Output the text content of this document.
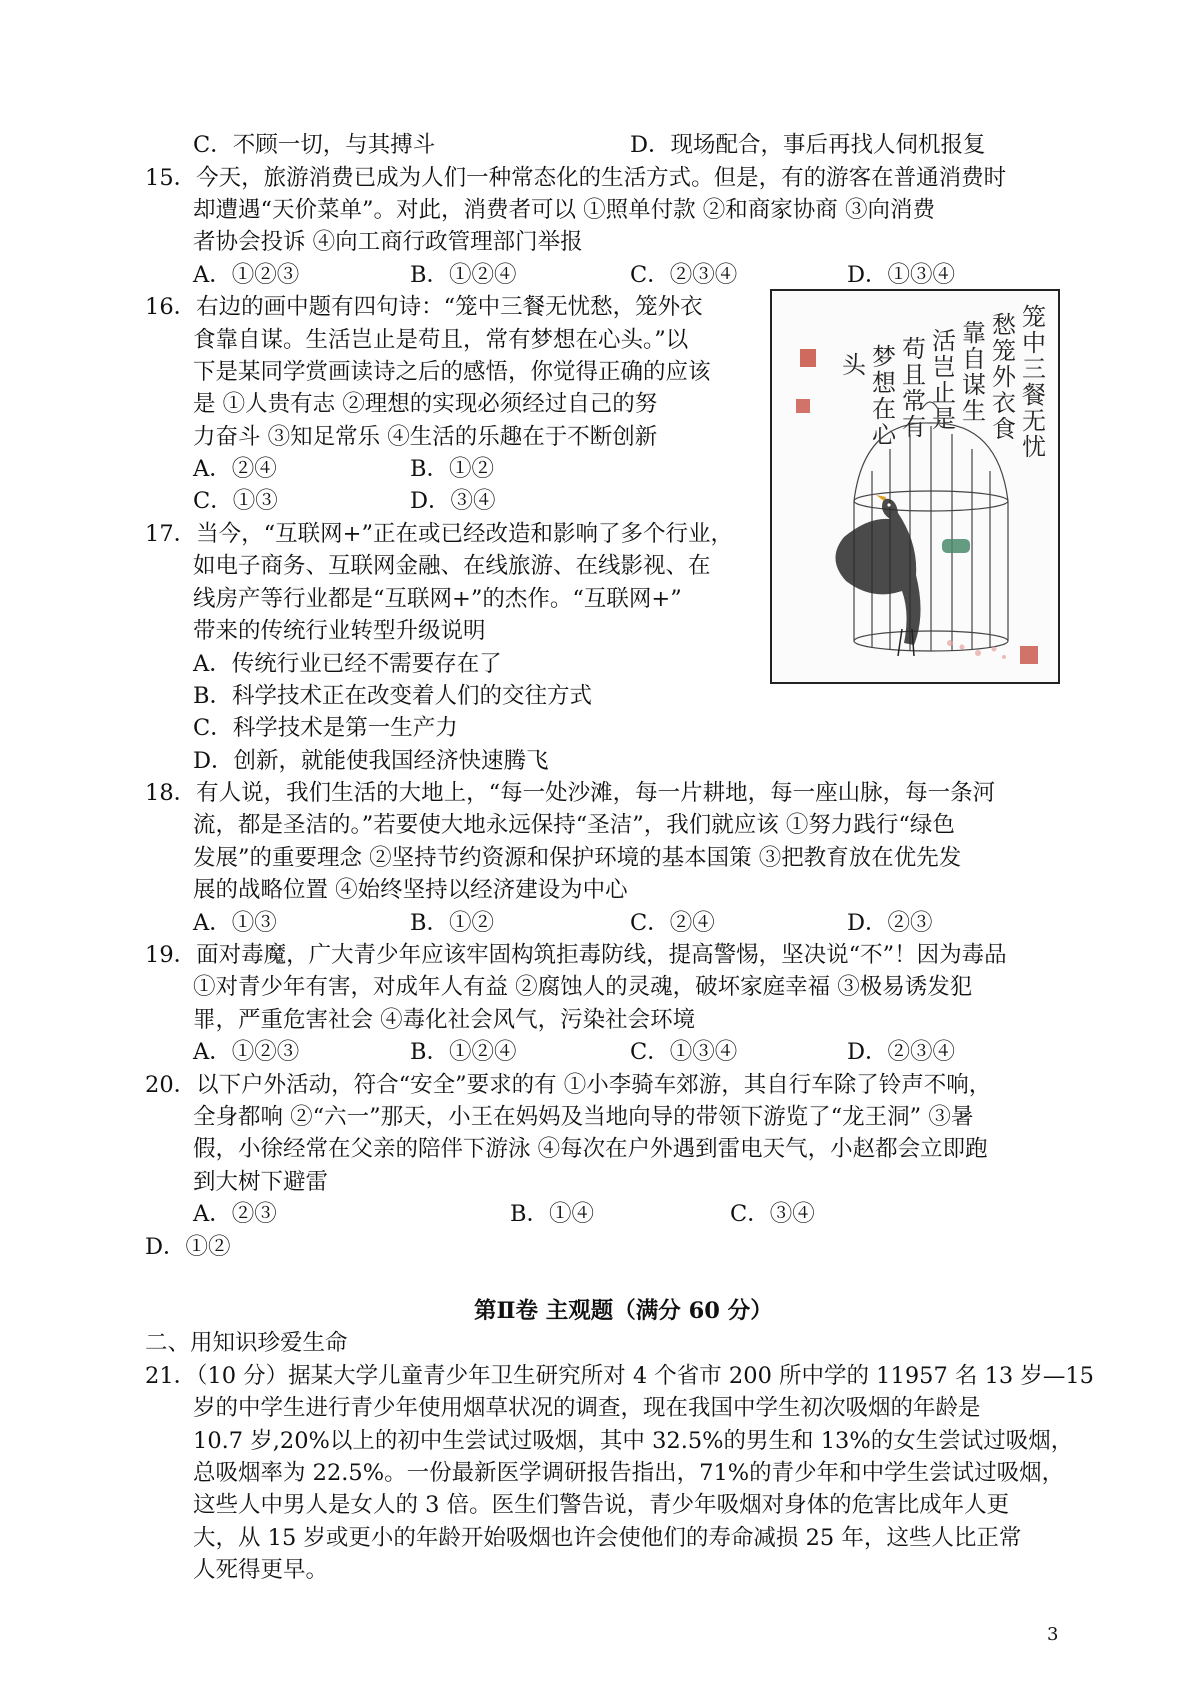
C．不顾一切，与其搏斗	D．现场配合，事后再找人伺机报复
15．今天，旅游消费已成为人们一种常态化的生活方式。但是，有的游客在普通消费时
却遭遇“天价菜单”。对此，消费者可以 ①照单付款 ②和商家协商 ③向消费
者协会投诉 ④向工商行政管理部门举报
A．①②③	B．①②④	C．②③④	D．①③④
16．右边的画中题有四句诗：“笼中三餐无忧愁，笼外衣
食靠自谋。生活岂止是苟且，常有梦想在心头。”以
下是某同学赏画读诗之后的感悟，你觉得正确的应该
是 ①人贵有志 ②理想的实现必须经过自己的努
力奋斗 ③知足常乐 ④生活的乐趣在于不断创新
A．②④	B．①②
C．①③	D．③④
17．当今，“互联网+”正在或已经改造和影响了多个行业，
如电子商务、互联网金融、在线旅游、在线影视、在
线房产等行业都是“互联网+”的杰作。“互联网+”
带来的传统行业转型升级说明
A．传统行业已经不需要存在了
B．科学技术正在改变着人们的交往方式
C．科学技术是第一生产力
D．创新，就能使我国经济快速腾飞
18．有人说，我们生活的大地上，“每一处沙滩，每一片耕地，每一座山脉，每一条河
流，都是圣洁的。”若要使大地永远保持“圣洁”，我们就应该 ①努力践行“绿色
发展”的重要理念 ②坚持节约资源和保护环境的基本国策 ③把教育放在优先发
展的战略位置 ④始终坚持以经济建设为中心
A．①③	B．①②	C．②④	D．②③
19．面对毒魔，广大青少年应该牢固构筑拒毒防线，提高警惕，坚决说“不”！因为毒品
①对青少年有害，对成年人有益 ②腐蚀人的灵魂，破坏家庭幸福 ③极易诱发犯
罪，严重危害社会 ④毒化社会风气，污染社会环境
A．①②③	B．①②④	C．①③④	D．②③④
20．以下户外活动，符合“安全”要求的有 ①小李骑车郊游，其自行车除了铃声不响，
全身都响 ②“六一”那天，小王在妈妈及当地向导的带领下游览了“龙王洞” ③暑
假，小徐经常在父亲的陪伴下游泳 ④每次在户外遇到雷电天气，小赵都会立即跑
到大树下避雷
A．②③	B．①④	C．③④
D．①②
第Ⅱ卷 主观题（满分 60 分）
二、用知识珍爱生命
21．（10 分）据某大学儿童青少年卫生研究所对 4 个省市 200 所中学的 11957 名 13 岁—15
岁的中学生进行青少年使用烟草状况的调查，现在我国中学生初次吸烟的年龄是
10.7 岁,20%以上的初中生尝试过吸烟，其中 32.5%的男生和 13%的女生尝试过吸烟，
总吸烟率为 22.5%。一份最新医学调研报告指出，71%的青少年和中学生尝试过吸烟，
这些人中男人是女人的 3 倍。医生们警告说，青少年吸烟对身体的危害比成年人更
大，从 15 岁或更小的年龄开始吸烟也许会使他们的寿命减损 25 年，这些人比正常
人死得更早。
3
笼
中
三
餐
无
忧
愁
笼
外
衣
食
靠
自
谋
生
活
岂
止
是
苟
且
常
有
梦
想
在
心
头
